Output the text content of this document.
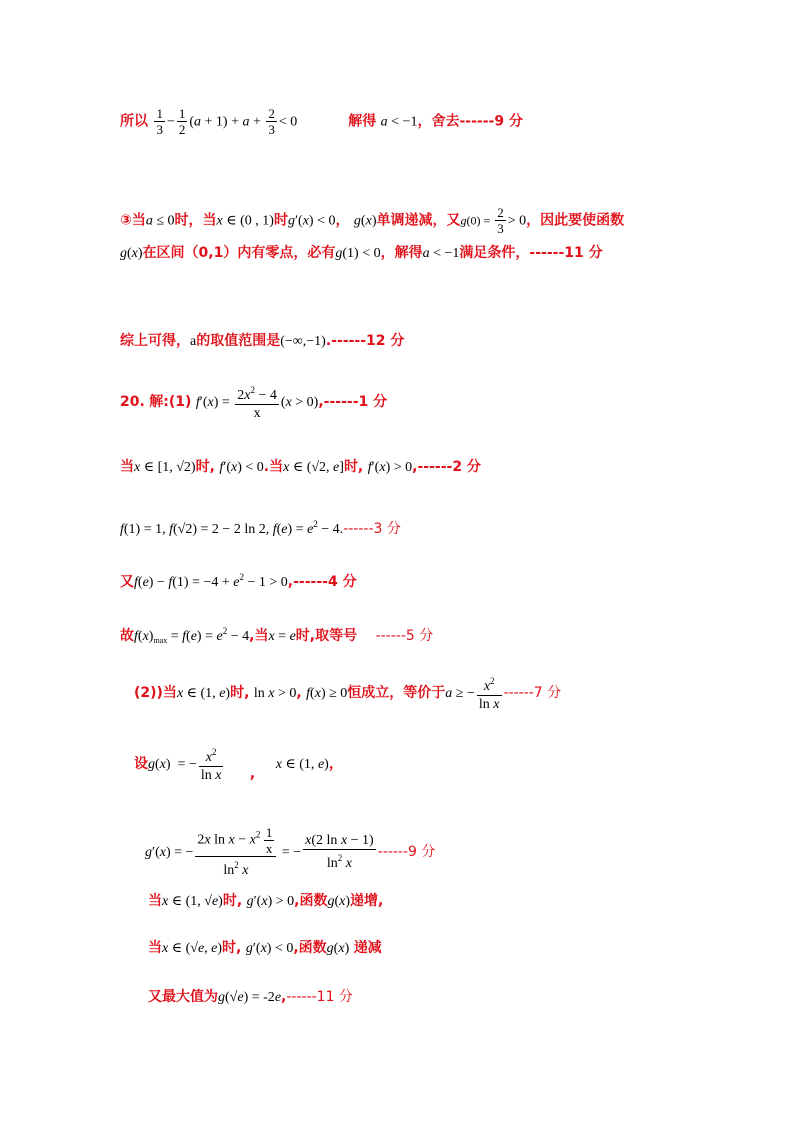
所以 $\frac{1}{3} - \frac{1}{2} (a + 1) + a + \frac{2}{3} < 0$	解得 a < −1，舍去------9 分
③当a ≤ 0时，当x ∈ (0 , 1)时g′(x) < 0， g(x)单调递减，又$g(0) = \frac{2}{3} > 0$，因此要使函数
g(x)在区间（0,1）内有零点，必有g(1) < 0，解得a < −1满足条件，------11 分
综上可得，a的取值范围是(−∞,−1).------12 分
20. 解:(1) $f'(x) = \frac{2x^2 - 4}{x} (x > 0),------1$ 分
当x ∈ [1, √2)时, f′(x) < 0.当x ∈ (√2, e]时, f′(x) > 0,------2 分
f(1) = 1, f(√2) = 2 − 2 ln 2, $f(e) = e^2 - 4.------3$ 分
又$f(e) - f(1) = -4 + e^2 - 1 > 0,------4$ 分
故$f(x)_{max} = f(e) = e^2 - 4$,当x = e时,取等号 ------5 分
(2))当x ∈ (1, e)时, ln x > 0, f(x) ≥ 0恒成立，等价于a ≥ − $\frac{x^2}{\text{ln x}} ------7$ 分
设g(x)  = − $\frac{x^2}{\text{ln x}}$ , x ∈ (1, e)，
g′(x) = − $\frac{2x \ln x - x^2 \frac{1}{x}}{\ln^2 x}$ = − $\frac{\text{x(2 ln x − 1)}}{\ln^2 x} ------9$ 分
当x ∈ (1, √e)时, g′(x) > 0,函数g(x)递增,
当x ∈ (√e, e)时, g′(x) < 0,函数g(x) 递减
又最大值为g(√e) = -2e,------11 分
